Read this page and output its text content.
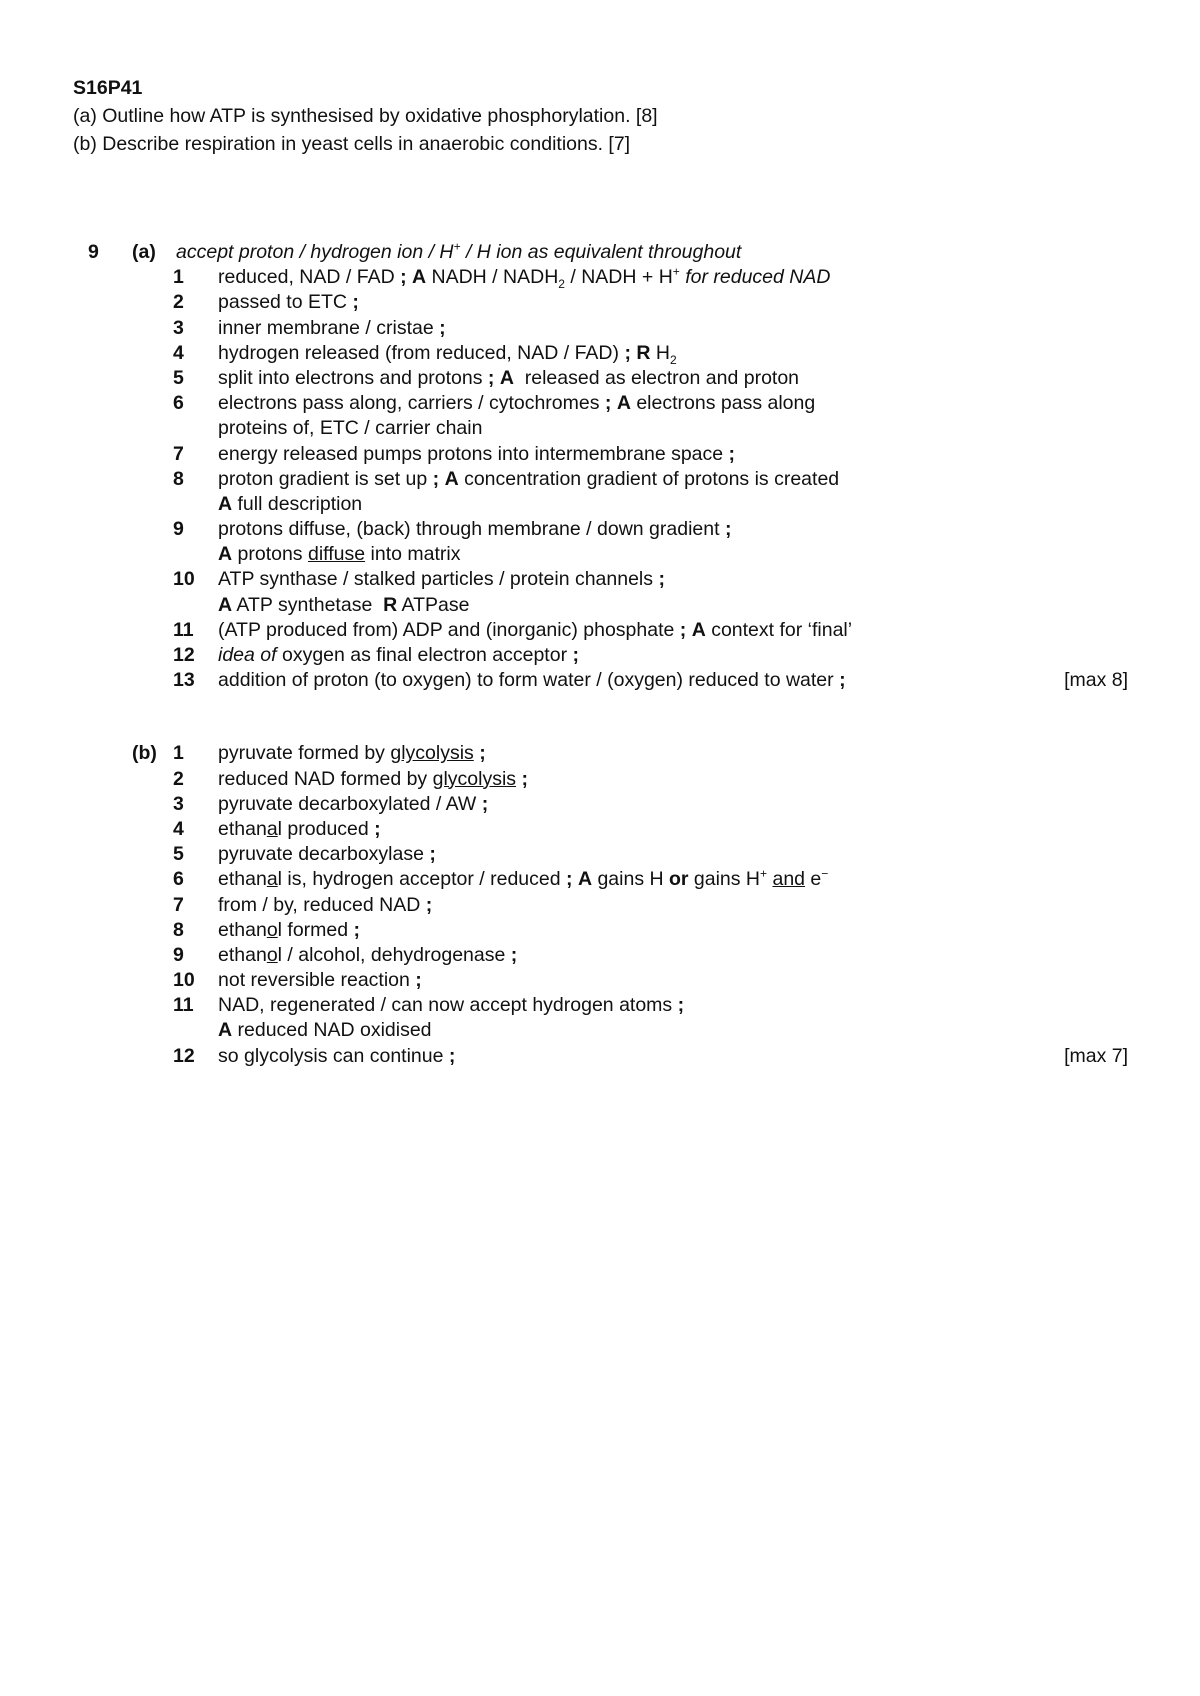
S16P41
(a) Outline how ATP is synthesised by oxidative phosphorylation. [8]
(b) Describe respiration in yeast cells in anaerobic conditions. [7]
9 (a) accept proton / hydrogen ion / H+ / H ion as equivalent throughout
1	reduced, NAD / FAD ; A NADH / $NADH_2$ / NADH + H+ for reduced NAD
2	passed to ETC ;
3	inner membrane / cristae ;
4	hydrogen released (from reduced, NAD / FAD) ; R $H_2$
5	split into electrons and protons ; A  released as electron and proton
6	electrons pass along, carriers / cytochromes ; A electrons pass along
proteins of, ETC / carrier chain
7	energy released pumps protons into intermembrane space ;
8	proton gradient is set up ; A concentration gradient of protons is created
A full description
9	protons diffuse, (back) through membrane / down gradient ;
A protons diffuse into matrix
10	ATP synthase / stalked particles / protein channels ;
A ATP synthetase  R ATPase
11	(ATP produced from) ADP and (inorganic) phosphate ; A context for ‘final’
12	idea of oxygen as final electron acceptor ;
13	addition of proton (to oxygen) to form water / (oxygen) reduced to water ;	[max 8]
(b) 1	pyruvate formed by glycolysis ;
2	reduced NAD formed by glycolysis ;
3	pyruvate decarboxylated / AW ;
4	ethanal produced ;
5	pyruvate decarboxylase ;
6	ethanal is, hydrogen acceptor / reduced ; A gains H or gains H+ and e−
7	from / by, reduced NAD ;
8	ethanol formed ;
9	ethanol / alcohol, dehydrogenase ;
10	not reversible reaction ;
11	NAD, regenerated / can now accept hydrogen atoms ;
A reduced NAD oxidised
12	so glycolysis can continue ;	[max 7]
